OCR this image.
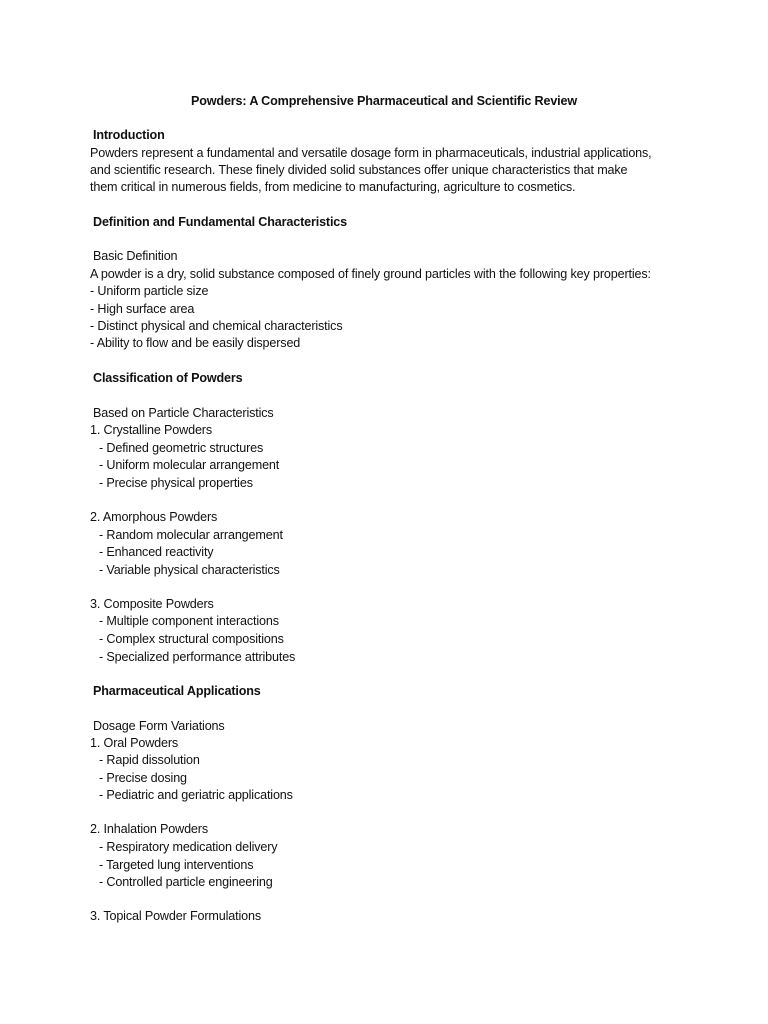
Powders: A Comprehensive Pharmaceutical and Scientific Review
Introduction
Powders represent a fundamental and versatile dosage form in pharmaceuticals, industrial applications,
and scientific research. These finely divided solid substances offer unique characteristics that make
them critical in numerous fields, from medicine to manufacturing, agriculture to cosmetics.
Definition and Fundamental Characteristics
Basic Definition
A powder is a dry, solid substance composed of finely ground particles with the following key properties:
- Uniform particle size
- High surface area
- Distinct physical and chemical characteristics
- Ability to flow and be easily dispersed
Classification of Powders
Based on Particle Characteristics
1. Crystalline Powders
- Defined geometric structures
- Uniform molecular arrangement
- Precise physical properties
2. Amorphous Powders
- Random molecular arrangement
- Enhanced reactivity
- Variable physical characteristics
3. Composite Powders
- Multiple component interactions
- Complex structural compositions
- Specialized performance attributes
Pharmaceutical Applications
Dosage Form Variations
1. Oral Powders
- Rapid dissolution
- Precise dosing
- Pediatric and geriatric applications
2. Inhalation Powders
- Respiratory medication delivery
- Targeted lung interventions
- Controlled particle engineering
3. Topical Powder Formulations
